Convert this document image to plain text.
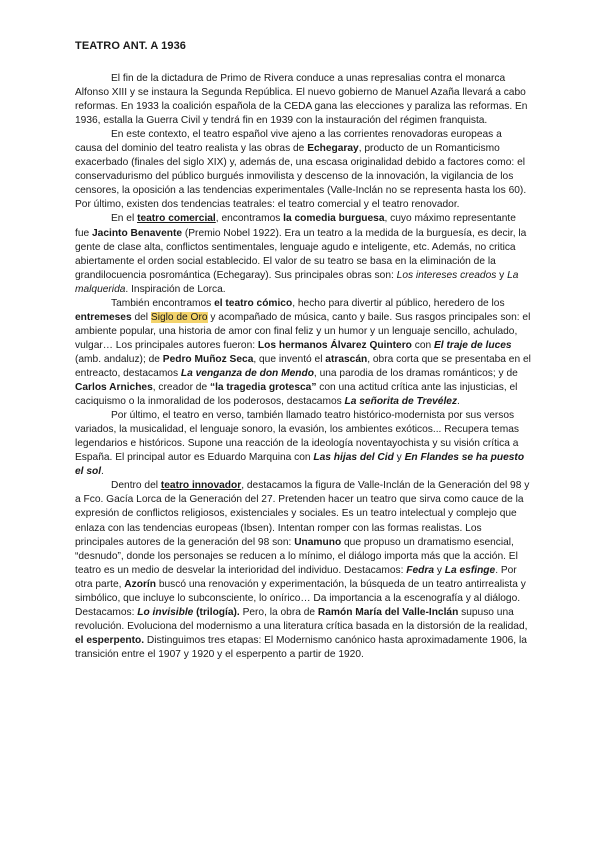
TEATRO ANT. A 1936

El fin de la dictadura de Primo de Rivera conduce a unas represalias contra el monarca Alfonso XIII y se instaura la Segunda República. El nuevo gobierno de Manuel Azaña llevará a cabo reformas. En 1933 la coalición española de la CEDA gana las elecciones y paraliza las reformas. En 1936, estalla la Guerra Civil y tendrá fin en 1939 con la instauración del régimen franquista.

En este contexto, el teatro español vive ajeno a las corrientes renovadoras europeas a causa del dominio del teatro realista y las obras de Echegaray, producto de un Romanticismo exacerbado (finales del siglo XIX) y, además de, una escasa originalidad debido a factores como: el conservadurismo del público burgués inmovilista y descenso de la innovación, la vigilancia de los censores, la oposición a las tendencias experimentales (Valle-Inclán no se representa hasta los 60). Por último, existen dos tendencias teatrales: el teatro comercial y el teatro renovador.

En el teatro comercial, encontramos la comedia burguesa, cuyo máximo representante fue Jacinto Benavente (Premio Nobel 1922). Era un teatro a la medida de la burguesía, es decir, la gente de clase alta, conflictos sentimentales, lenguaje agudo e inteligente, etc. Además, no critica abiertamente el orden social establecido. El valor de su teatro se basa en la eliminación de la grandilocuencia posromántica (Echegaray). Sus principales obras son: Los intereses creados y La malquerida. Inspiración de Lorca.

También encontramos el teatro cómico, hecho para divertir al público, heredero de los entremeses del Siglo de Oro y acompañado de música, canto y baile. Sus rasgos principales son: el ambiente popular, una historia de amor con final feliz y un humor y un lenguaje sencillo, achulado, vulgar… Los principales autores fueron: Los hermanos Álvarez Quintero con El traje de luces (amb. andaluz); de Pedro Muñoz Seca, que inventó el atrascán, obra corta que se presentaba en el entreacto, destacamos La venganza de don Mendo, una parodia de los dramas románticos; y de Carlos Arniches, creador de “la tragedia grotesca” con una actitud crítica ante las injusticias, el caciquismo o la inmoralidad de los poderosos, destacamos La señorita de Trevélez.

Por último, el teatro en verso, también llamado teatro histórico-modernista por sus versos variados, la musicalidad, el lenguaje sonoro, la evasión, los ambientes exóticos... Recupera temas legendarios e históricos. Supone una reacción de la ideología noventayochista y su visión crítica a España. El principal autor es Eduardo Marquina con Las hijas del Cid y En Flandes se ha puesto el sol.

Dentro del teatro innovador, destacamos la figura de Valle-Inclán de la Generación del 98 y a Fco. Gacía Lorca de la Generación del 27. Pretenden hacer un teatro que sirva como cauce de la expresión de conflictos religiosos, existenciales y sociales. Es un teatro intelectual y complejo que enlaza con las tendencias europeas (Ibsen). Intentan romper con las formas realistas. Los principales autores de la generación del 98 son: Unamuno que propuso un dramatismo esencial, “desnudo”, donde los personajes se reducen a lo mínimo, el diálogo importa más que la acción. El teatro es un medio de desvelar la interioridad del individuo. Destacamos: Fedra y La esfinge. Por otra parte, Azorín buscó una renovación y experimentación, la búsqueda de un teatro antirrealista y simbólico, que incluye lo subconsciente, lo onírico… Da importancia a la escenografía y al diálogo. Destacamos: Lo invisible (trilogía). Pero, la obra de Ramón María del Valle-Inclán supuso una revolución. Evoluciona del modernismo a una literatura crítica basada en la distorsión de la realidad, el esperpento. Distinguimos tres etapas: El Modernismo canónico hasta aproximadamente 1906, la transición entre el 1907 y 1920 y el esperpento a partir de 1920.
